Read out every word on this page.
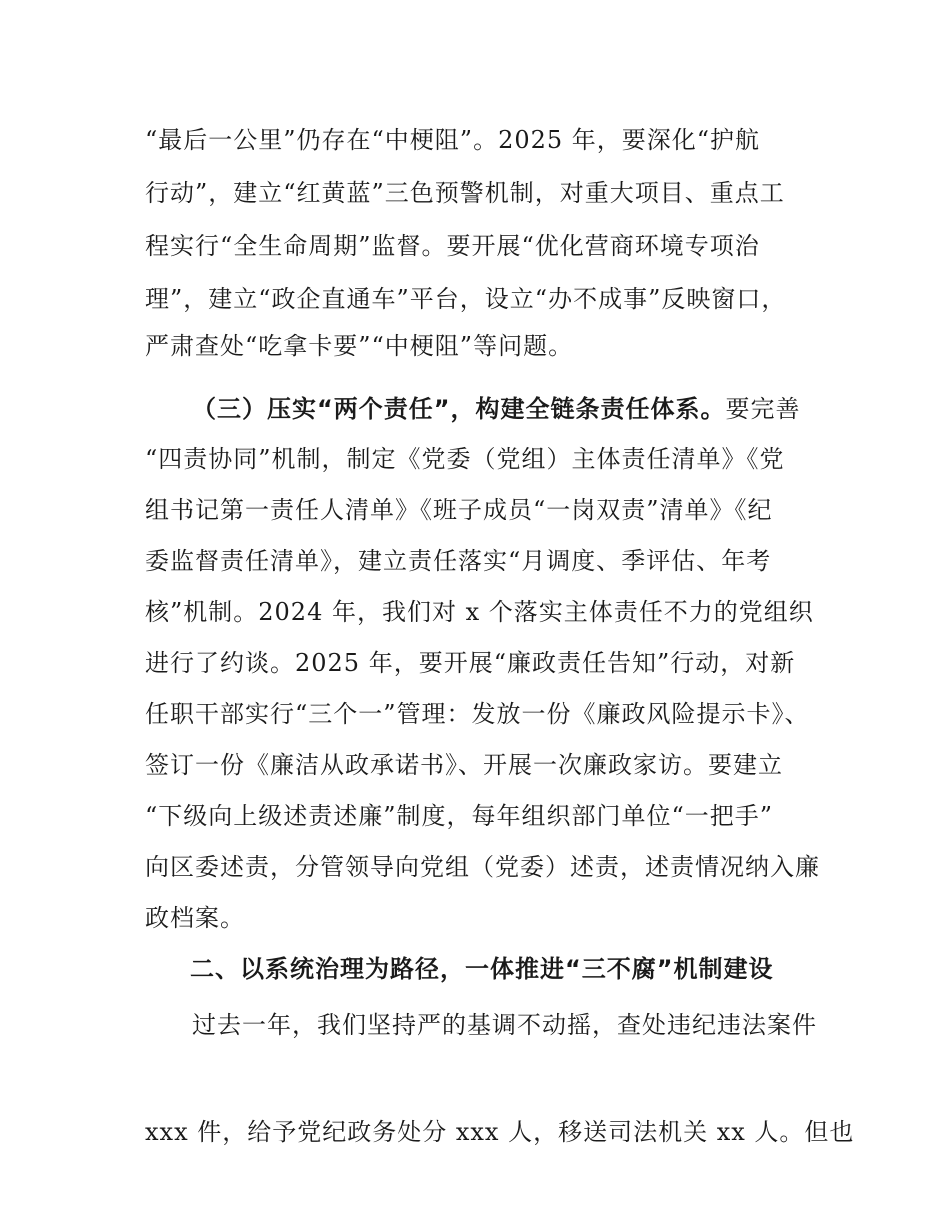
“最后一公里”仍存在“中梗阻”。2025 年，要深化“护航
行动”，建立“红黄蓝”三色预警机制，对重大项目、重点工
程实行“全生命周期”监督。要开展“优化营商环境专项治
理”，建立“政企直通车”平台，设立“办不成事”反映窗口，
严肃查处“吃拿卡要”“中梗阻”等问题。
（三）压实“两个责任”，构建全链条责任体系。要完善
“四责协同”机制，制定《党委（党组）主体责任清单》《党
组书记第一责任人清单》《班子成员“一岗双责”清单》《纪
委监督责任清单》，建立责任落实“月调度、季评估、年考
核”机制。2024 年，我们对 x 个落实主体责任不力的党组织
进行了约谈。2025 年，要开展“廉政责任告知”行动，对新
任职干部实行“三个一”管理：发放一份《廉政风险提示卡》、
签订一份《廉洁从政承诺书》、开展一次廉政家访。要建立
“下级向上级述责述廉”制度，每年组织部门单位“一把手”
向区委述责，分管领导向党组（党委）述责，述责情况纳入廉
政档案。
二、以系统治理为路径，一体推进“三不腐”机制建设
过去一年，我们坚持严的基调不动摇，查处违纪违法案件
xxx 件，给予党纪政务处分 xxx 人，移送司法机关 xx 人。但也
